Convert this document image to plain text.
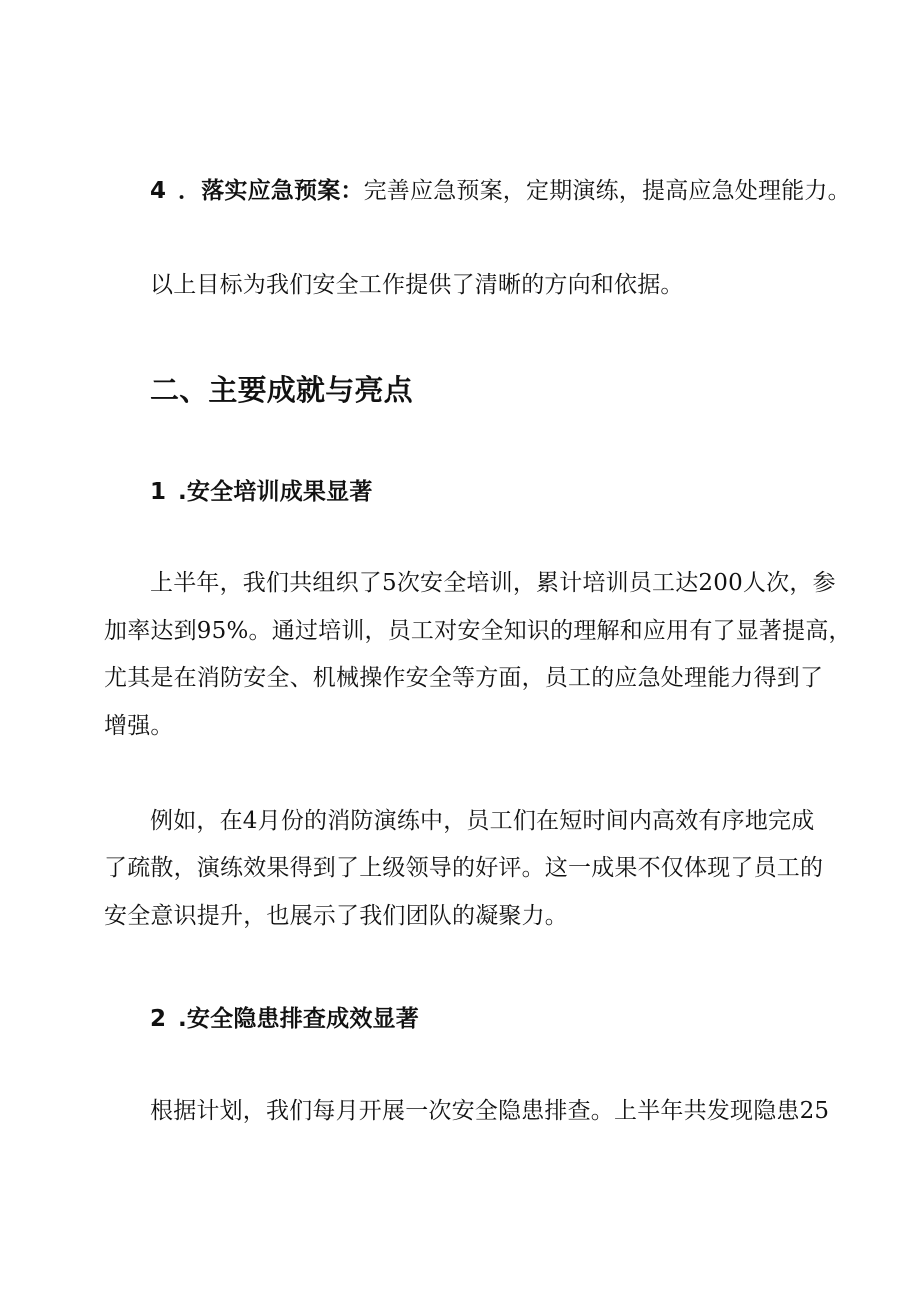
4 ．落实应急预案：完善应急预案，定期演练，提高应急处理能力。
以上目标为我们安全工作提供了清晰的方向和依据。
二、主要成就与亮点
1 .安全培训成果显著
上半年，我们共组织了5次安全培训，累计培训员工达200人次，参
加率达到95%。通过培训，员工对安全知识的理解和应用有了显著提高，
尤其是在消防安全、机械操作安全等方面，员工的应急处理能力得到了
增强。
例如，在4月份的消防演练中，员工们在短时间内高效有序地完成
了疏散，演练效果得到了上级领导的好评。这一成果不仅体现了员工的
安全意识提升，也展示了我们团队的凝聚力。
2 .安全隐患排查成效显著
根据计划，我们每月开展一次安全隐患排查。上半年共发现隐患25
